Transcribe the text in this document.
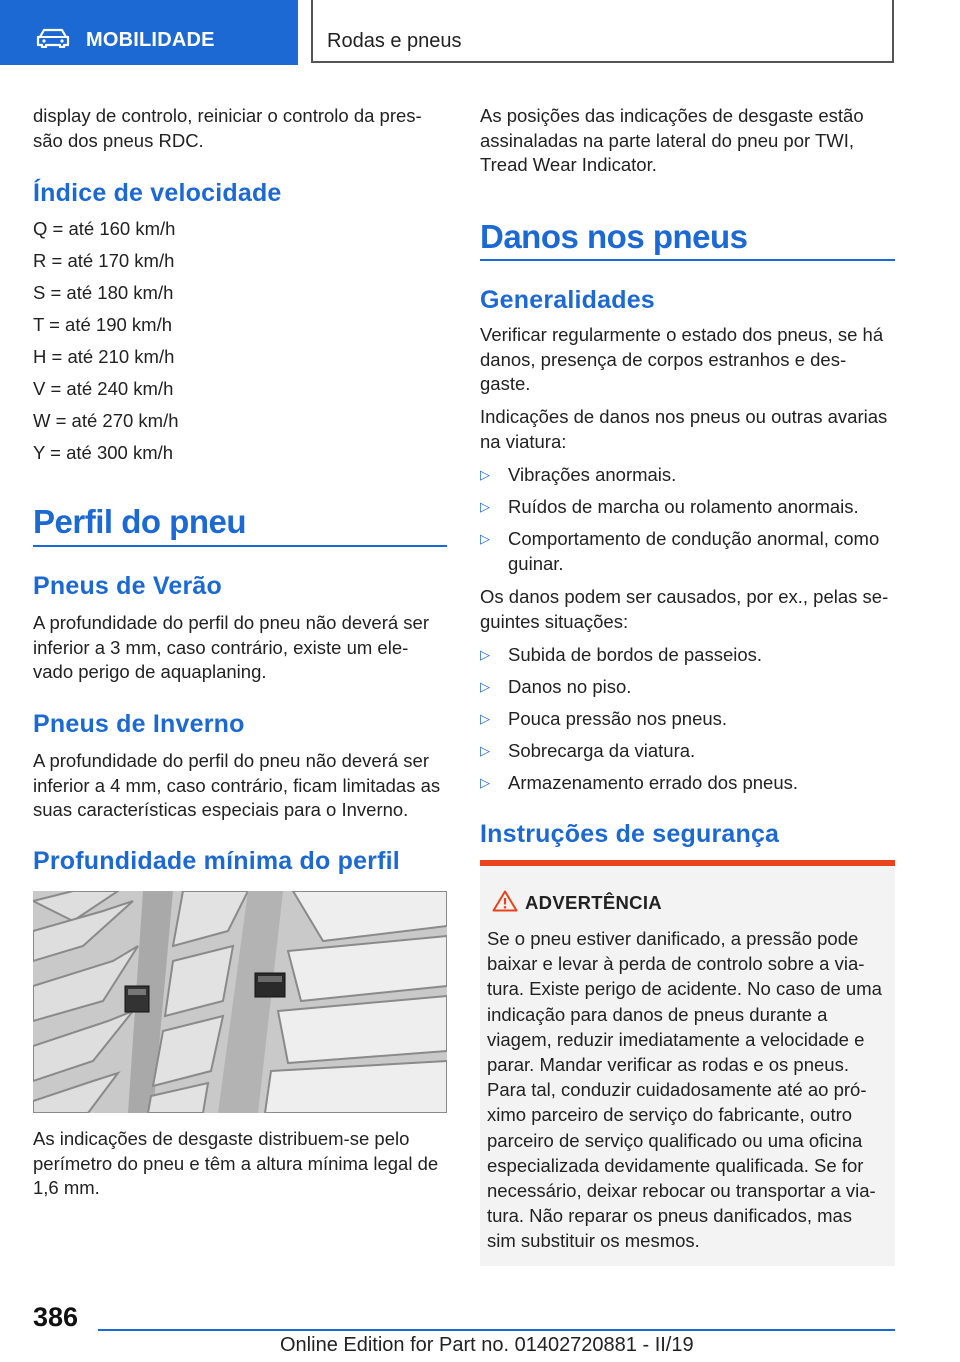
MOBILIDADE	Rodas e pneus

display de controlo, reiniciar o controlo da pres-são dos pneus RDC.

Índice de velocidade
Q = até 160 km/h
R = até 170 km/h
S = até 180 km/h
T = até 190 km/h
H = até 210 km/h
V = até 240 km/h
W = até 270 km/h
Y = até 300 km/h
Perfil do pneu
Pneus de Verão

A profundidade do perfil do pneu não deverá ser inferior a 3 mm, caso contrário, existe um ele-vado perigo de aquaplaning.

Pneus de Inverno

A profundidade do perfil do pneu não deverá ser inferior a 4 mm, caso contrário, ficam limitadas as suas características especiais para o Inverno.

Profundidade mínima do perfil

As indicações de desgaste distribuem-se pelo perímetro do pneu e têm a altura mínima legal de 1,6 mm.

As posições das indicações de desgaste estão assinaladas na parte lateral do pneu por TWI, Tread Wear Indicator.

Danos nos pneus
Generalidades

Verificar regularmente o estado dos pneus, se há danos, presença de corpos estranhos e des-gaste.

Indicações de danos nos pneus ou outras avarias na viatura:

▷ Vibrações anormais.
▷ Ruídos de marcha ou rolamento anormais.
▷ Comportamento de condução anormal, como guinar.

Os danos podem ser causados, por ex., pelas se-guintes situações:

▷ Subida de bordos de passeios.
▷ Danos no piso.
▷ Pouca pressão nos pneus.
▷ Sobrecarga da viatura.
▷ Armazenamento errado dos pneus.
Instruções de segurança
ADVERTÊNCIA
Se o pneu estiver danificado, a pressão pode baixar e levar à perda de controlo sobre a via-tura. Existe perigo de acidente. No caso de uma indicação para danos de pneus durante a viagem, reduzir imediatamente a velocidade e parar. Mandar verificar as rodas e os pneus. Para tal, conduzir cuidadosamente até ao pró-ximo parceiro de serviço do fabricante, outro parceiro de serviço qualificado ou uma oficina especializada devidamente qualificada. Se for necessário, deixar rebocar ou transportar a via-tura. Não reparar os pneus danificados, mas sim substituir os mesmos.
386
Online Edition for Part no. 01402720881 - II/19
